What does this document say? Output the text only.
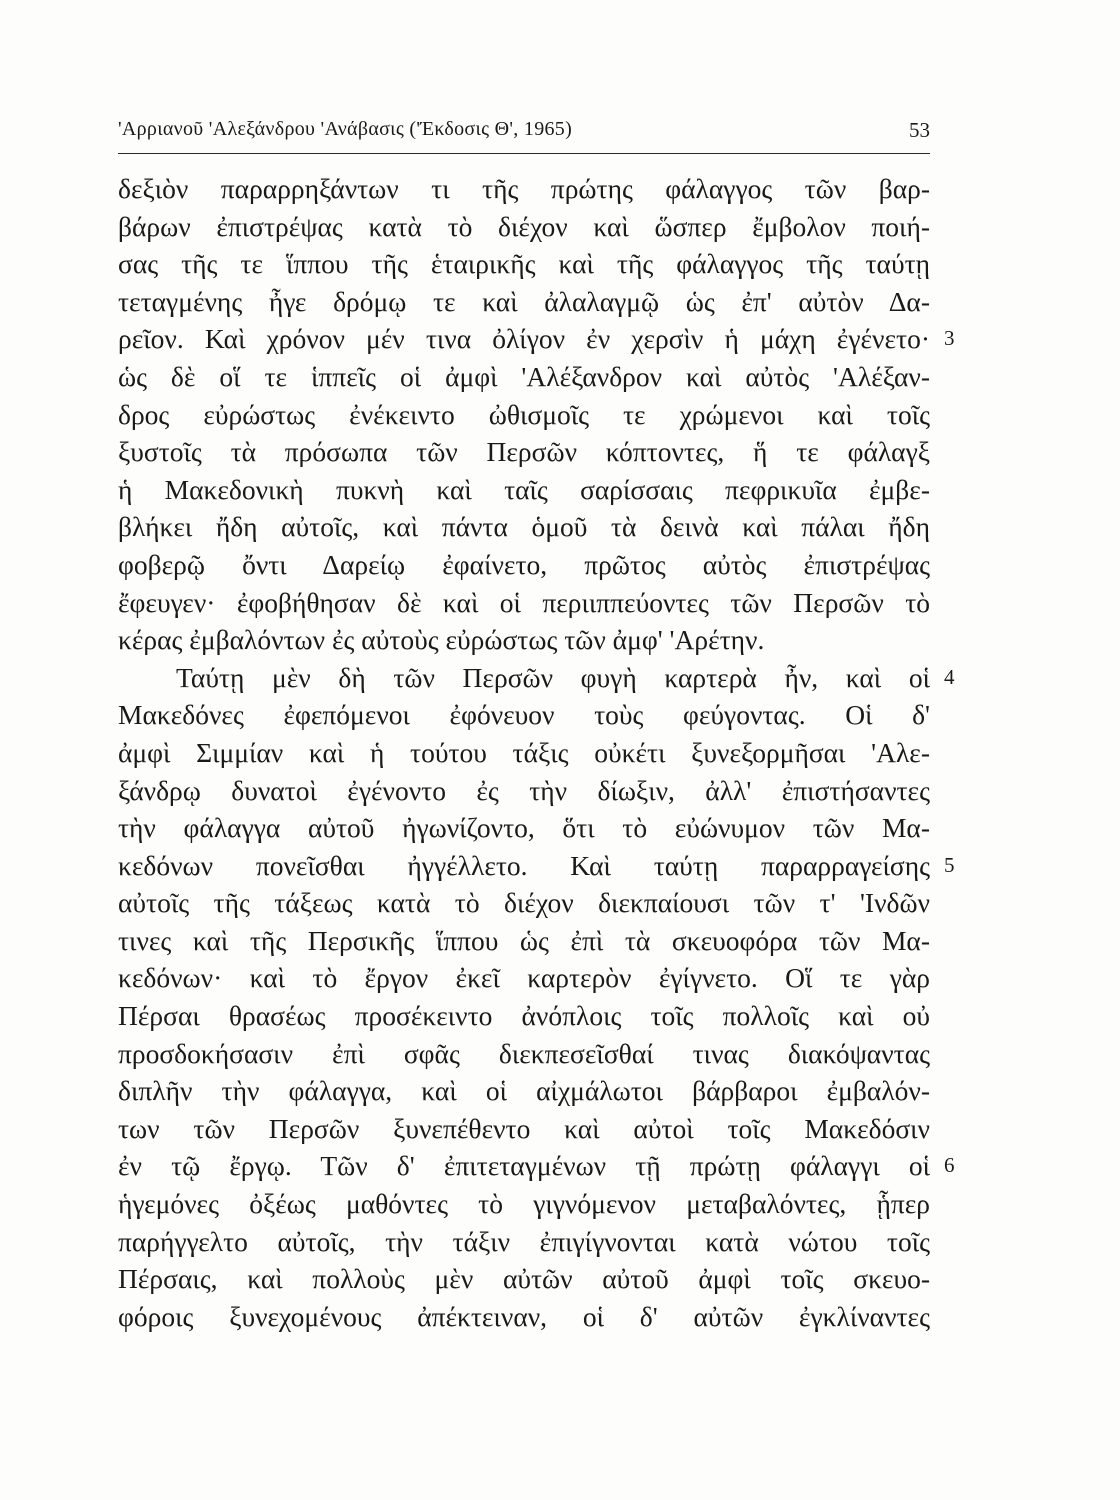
'Αρριανοῦ 'Αλεξάνδρου 'Ανάβασις ('Έκδοσις Θ', 1965)	53
δεξιὸν παραρρηξάντων τι τῆς πρώτης φάλαγγος τῶν βαρ-
βάρων ἐπιστρέψας κατὰ τὸ διέχον καὶ ὥσπερ ἔμβολον ποιή-
σας τῆς τε ἵππου τῆς ἑταιρικῆς καὶ τῆς φάλαγγος τῆς ταύτῃ
τεταγμένης ἦγε δρόμῳ τε καὶ ἀλαλαγμῷ ὡς ἐπ' αὐτὸν Δα-
ρεῖον. Καὶ χρόνον μέν τινα ὀλίγον ἐν χερσὶν ἡ μάχη ἐγένετο· 3
ὡς δὲ οἵ τε ἱππεῖς οἱ ἀμφὶ 'Αλέξανδρον καὶ αὐτὸς 'Αλέξαν-
δρος εὐρώστως ἐνέκειντο ὠθισμοῖς τε χρώμενοι καὶ τοῖς
ξυστοῖς τὰ πρόσωπα τῶν Περσῶν κόπτοντες, ἥ τε φάλαγξ
ἡ Μακεδονικὴ πυκνὴ καὶ ταῖς σαρίσσαις πεφρικυῖα ἐμβε-
βλήκει ἤδη αὐτοῖς, καὶ πάντα ὁμοῦ τὰ δεινὰ καὶ πάλαι ἤδη
φοβερῷ ὄντι Δαρείῳ ἐφαίνετο, πρῶτος αὐτὸς ἐπιστρέψας
ἔφευγεν· ἐφοβήθησαν δὲ καὶ οἱ περιιππεύοντες τῶν Περσῶν τὸ
κέρας ἐμβαλόντων ἐς αὐτοὺς εὐρώστως τῶν ἀμφ' 'Αρέτην.
Ταύτῃ μὲν δὴ τῶν Περσῶν φυγὴ καρτερὰ ἦν, καὶ οἱ 4
Μακεδόνες ἐφεπόμενοι ἐφόνευον τοὺς φεύγοντας. Οἱ δ'
ἀμφὶ Σιμμίαν καὶ ἡ τούτου τάξις οὐκέτι ξυνεξορμῆσαι 'Αλε-
ξάνδρῳ δυνατοὶ ἐγένοντο ἐς τὴν δίωξιν, ἀλλ' ἐπιστήσαντες
τὴν φάλαγγα αὐτοῦ ἠγωνίζοντο, ὅτι τὸ εὐώνυμον τῶν Μα-
κεδόνων πονεῖσθαι ἠγγέλλετο. Καὶ ταύτῃ παραρραγείσης 5
αὐτοῖς τῆς τάξεως κατὰ τὸ διέχον διεκπαίουσι τῶν τ' 'Ινδῶν
τινες καὶ τῆς Περσικῆς ἵππου ὡς ἐπὶ τὰ σκευοφόρα τῶν Μα-
κεδόνων· καὶ τὸ ἔργον ἐκεῖ καρτερὸν ἐγίγνετο. Οἵ τε γὰρ
Πέρσαι θρασέως προσέκειντο ἀνόπλοις τοῖς πολλοῖς καὶ οὐ
προσδοκήσασιν ἐπὶ σφᾶς διεκπεσεῖσθαί τινας διακόψαντας
διπλῆν τὴν φάλαγγα, καὶ οἱ αἰχμάλωτοι βάρβαροι ἐμβαλόν-
των τῶν Περσῶν ξυνεπέθεντο καὶ αὐτοὶ τοῖς Μακεδόσιν
ἐν τῷ ἔργῳ. Τῶν δ' ἐπιτεταγμένων τῇ πρώτῃ φάλαγγι οἱ 6
ἡγεμόνες ὀξέως μαθόντες τὸ γιγνόμενον μεταβαλόντες, ᾗπερ
παρήγγελτο αὐτοῖς, τὴν τάξιν ἐπιγίγνονται κατὰ νώτου τοῖς
Πέρσαις, καὶ πολλοὺς μὲν αὐτῶν αὐτοῦ ἀμφὶ τοῖς σκευο-
φόροις ξυνεχομένους ἀπέκτειναν, οἱ δ' αὐτῶν ἐγκλίναντες
